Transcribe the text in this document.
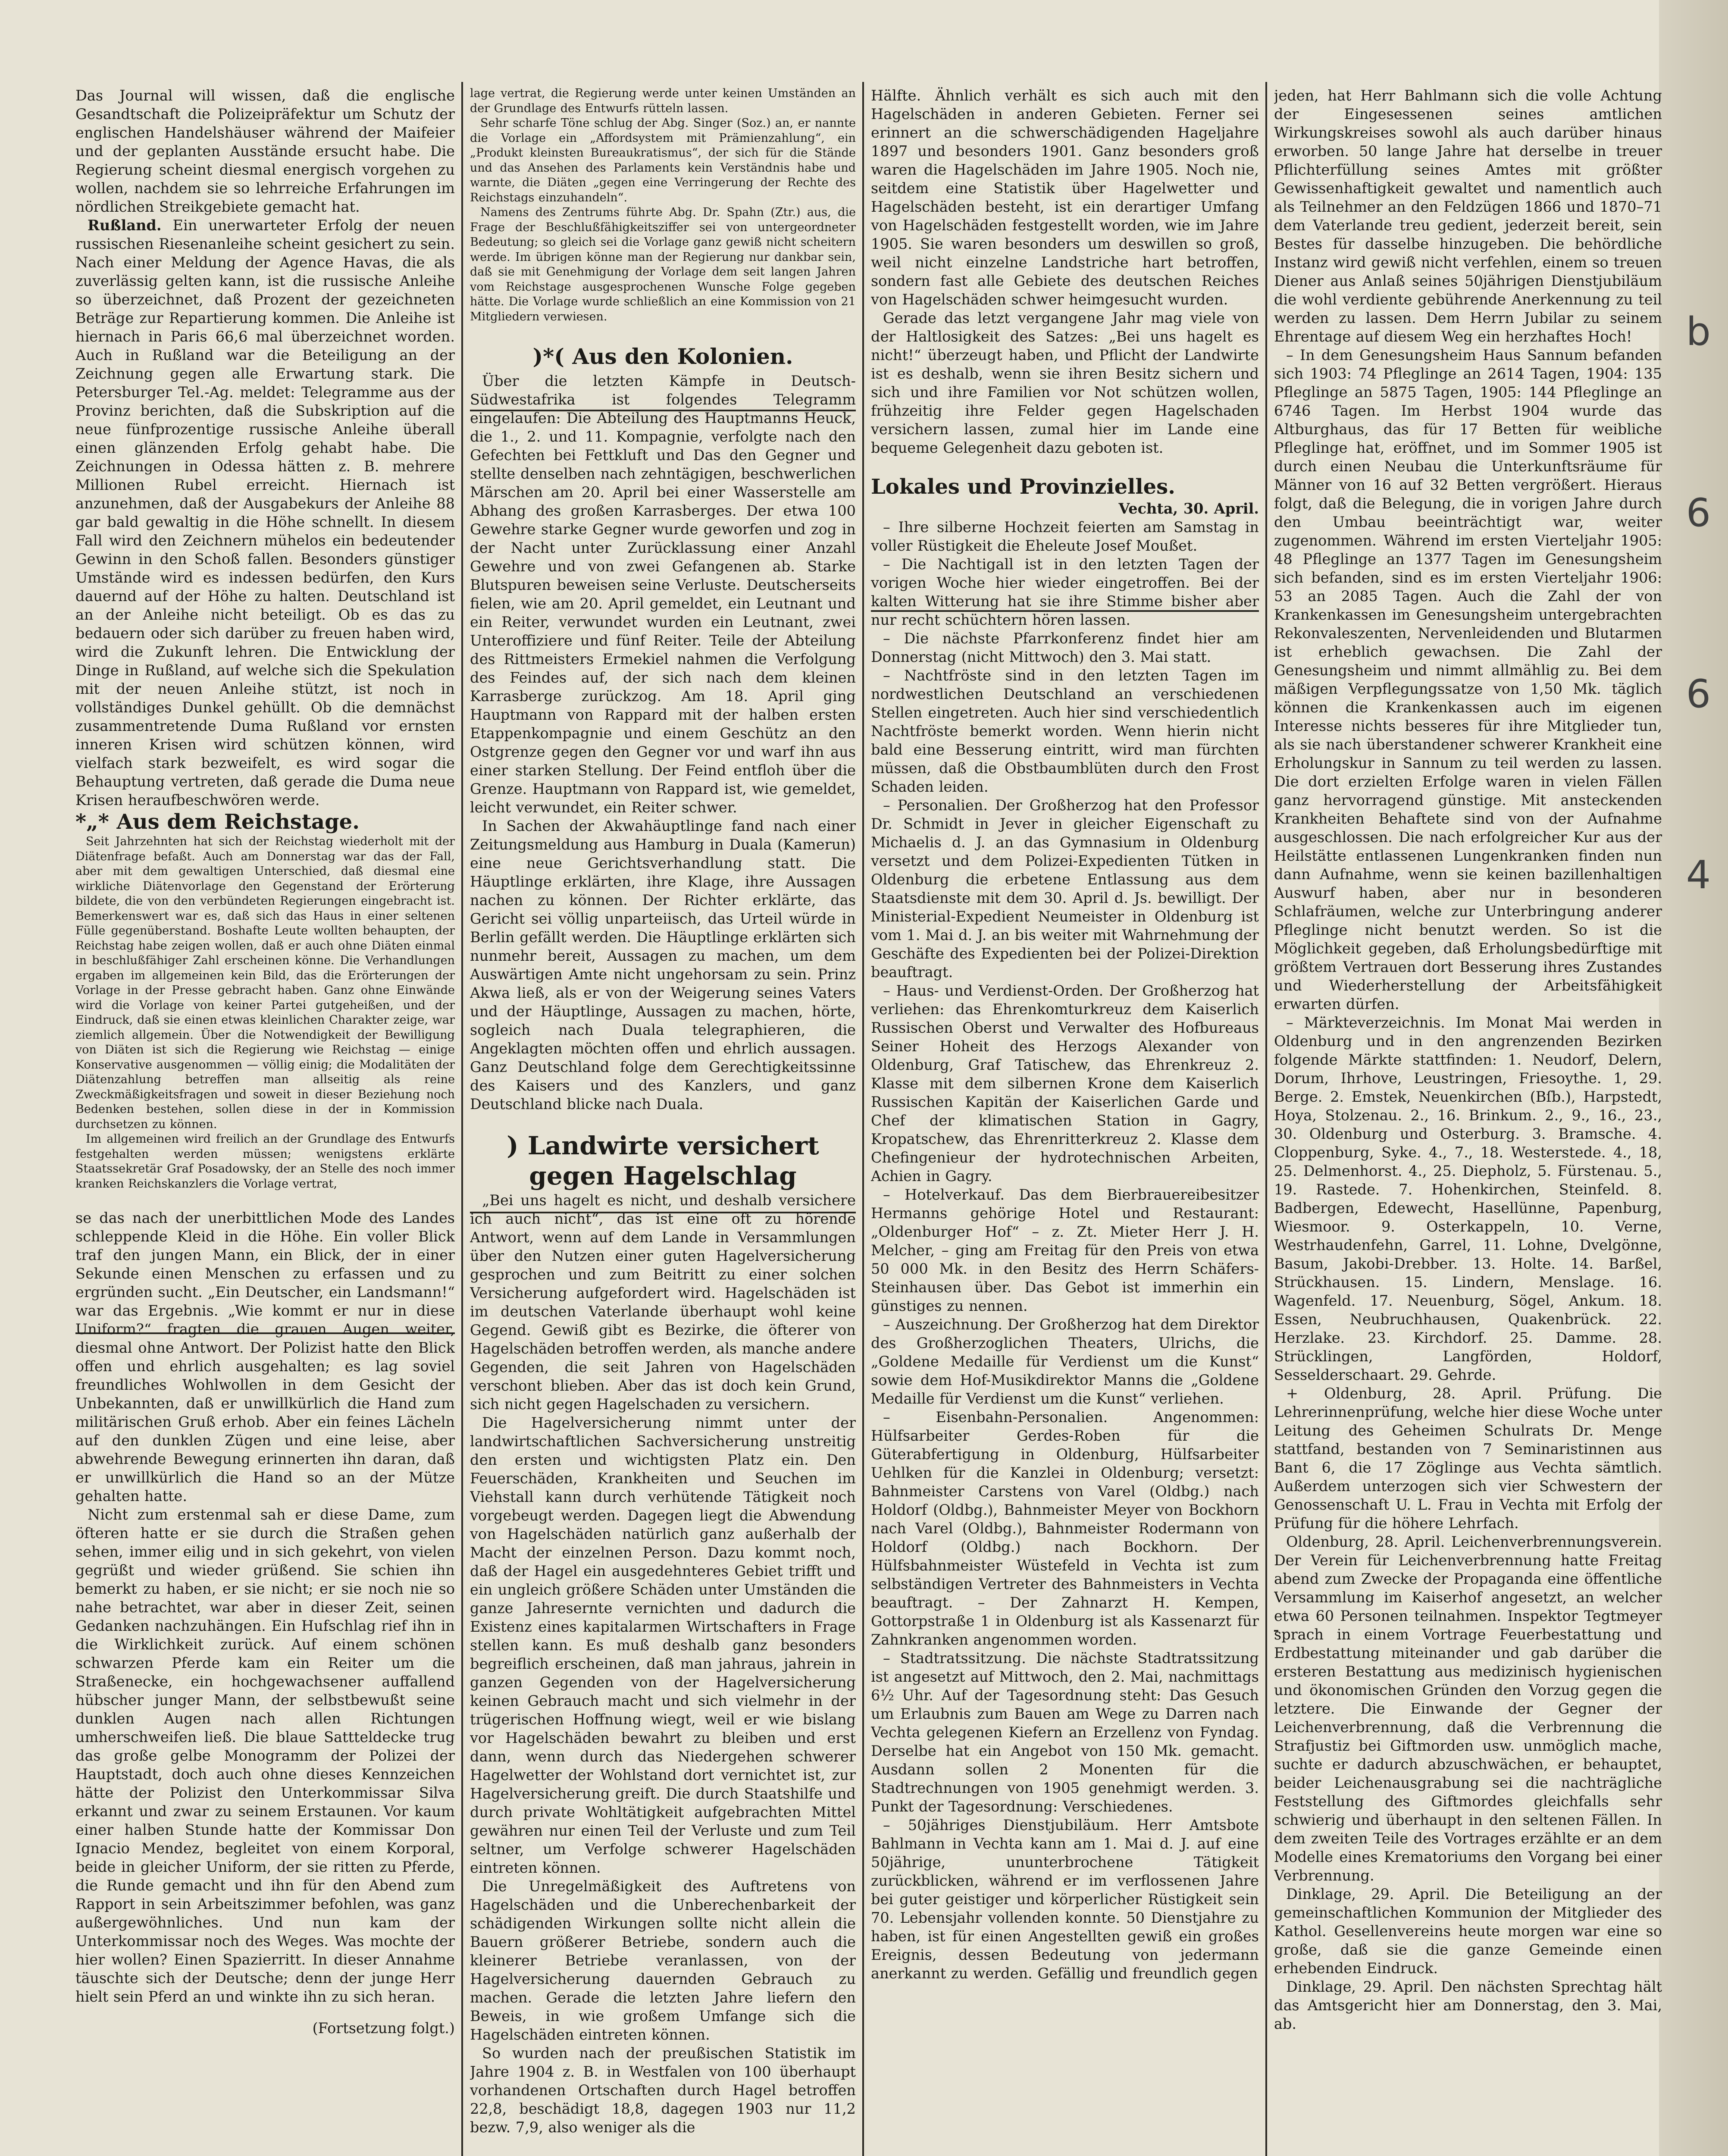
b
6
6
4

Das Journal will wissen, daß die englische Gesandtschaft die Polizeipräfektur um Schutz der englischen Handelshäuser während der Maifeier und der geplanten Ausstände ersucht habe. Die Regierung scheint diesmal energisch vorgehen zu wollen, nachdem sie so lehrreiche Erfahrungen im nördlichen Streikgebiete gemacht hat.

Rußland. Ein unerwarteter Erfolg der neuen russischen Riesenanleihe scheint gesichert zu sein. Nach einer Meldung der Agence Havas, die als zuverlässig gelten kann, ist die russische Anleihe so überzeichnet, daß Prozent der gezeichneten Beträge zur Repartierung kommen. Die Anleihe ist hiernach in Paris 66,6 mal überzeichnet worden. Auch in Rußland war die Beteiligung an der Zeichnung gegen alle Erwartung stark. Die Petersburger Tel.-Ag. meldet: Telegramme aus der Provinz berichten, daß die Subskription auf die neue fünfprozentige russische Anleihe überall einen glänzenden Erfolg gehabt habe. Die Zeichnungen in Odessa hätten z. B. mehrere Millionen Rubel erreicht. Hiernach ist anzunehmen, daß der Ausgabekurs der Anleihe 88 gar bald gewaltig in die Höhe schnellt. In diesem Fall wird den Zeichnern mühelos ein bedeutender Gewinn in den Schoß fallen. Besonders günstiger Umstände wird es indessen bedürfen, den Kurs dauernd auf der Höhe zu halten. Deutschland ist an der Anleihe nicht beteiligt. Ob es das zu bedauern oder sich darüber zu freuen haben wird, wird die Zukunft lehren. Die Entwicklung der Dinge in Rußland, auf welche sich die Spekulation mit der neuen Anleihe stützt, ist noch in vollständiges Dunkel gehüllt. Ob die demnächst zusammentretende Duma Rußland vor ernsten inneren Krisen wird schützen können, wird vielfach stark bezweifelt, es wird sogar die Behauptung vertreten, daß gerade die Duma neue Krisen heraufbeschwören werde.

*„* Aus dem Reichstage.

Seit Jahrzehnten hat sich der Reichstag wiederholt mit der Diätenfrage befaßt. Auch am Donnerstag war das der Fall, aber mit dem gewaltigen Unterschied, daß diesmal eine wirkliche Diätenvorlage den Gegenstand der Erörterung bildete, die von den verbündeten Regierungen eingebracht ist. Bemerkenswert war es, daß sich das Haus in einer seltenen Fülle gegenüberstand. Boshafte Leute wollten behaupten, der Reichstag habe zeigen wollen, daß er auch ohne Diäten einmal in beschlußfähiger Zahl erscheinen könne. Die Verhandlungen ergaben im allgemeinen kein Bild, das die Erörterungen der Vorlage in der Presse gebracht haben. Ganz ohne Einwände wird die Vorlage von keiner Partei gutgeheißen, und der Eindruck, daß sie einen etwas kleinlichen Charakter zeige, war ziemlich allgemein. Über die Notwendigkeit der Bewilligung von Diäten ist sich die Regierung wie Reichstag — einige Konservative ausgenommen — völlig einig; die Modalitäten der Diätenzahlung betreffen man allseitig als reine Zweckmäßigkeitsfragen und soweit in dieser Beziehung noch Bedenken bestehen, sollen diese in der in Kommission durchsetzen zu können.

Im allgemeinen wird freilich an der Grundlage des Entwurfs festgehalten werden müssen; wenigstens erklärte Staatssekretär Graf Posadowsky, der an Stelle des noch immer kranken Reichskanzlers die Vorlage vertrat,

se das nach der unerbittlichen Mode des Landes schleppende Kleid in die Höhe. Ein voller Blick traf den jungen Mann, ein Blick, der in einer Sekunde einen Menschen zu erfassen und zu ergründen sucht. „Ein Deutscher, ein Landsmann!“ war das Ergebnis. „Wie kommt er nur in diese Uniform?“ fragten die grauen Augen weiter, diesmal ohne Antwort. Der Polizist hatte den Blick offen und ehrlich ausgehalten; es lag soviel freundliches Wohlwollen in dem Gesicht der Unbekannten, daß er unwillkürlich die Hand zum militärischen Gruß erhob. Aber ein feines Lächeln auf den dunklen Zügen und eine leise, aber abwehrende Bewegung erinnerten ihn daran, daß er unwillkürlich die Hand so an der Mütze gehalten hatte.

Nicht zum erstenmal sah er diese Dame, zum öfteren hatte er sie durch die Straßen gehen sehen, immer eilig und in sich gekehrt, von vielen gegrüßt und wieder grüßend. Sie schien ihn bemerkt zu haben, er sie nicht; er sie noch nie so nahe betrachtet, war aber in dieser Zeit, seinen Gedanken nachzuhängen. Ein Hufschlag rief ihn in die Wirklichkeit zurück. Auf einem schönen schwarzen Pferde kam ein Reiter um die Straßenecke, ein hochgewachsener auffallend hübscher junger Mann, der selbstbewußt seine dunklen Augen nach allen Richtungen umherschweifen ließ. Die blaue Sattteldecke trug das große gelbe Monogramm der Polizei der Hauptstadt, doch auch ohne dieses Kennzeichen hätte der Polizist den Unterkommissar Silva erkannt und zwar zu seinem Erstaunen. Vor kaum einer halben Stunde hatte der Kommissar Don Ignacio Mendez, begleitet von einem Korporal, beide in gleicher Uniform, der sie ritten zu Pferde, die Runde gemacht und ihn für den Abend zum Rapport in sein Arbeitszimmer befohlen, was ganz außergewöhnliches. Und nun kam der Unterkommissar noch des Weges. Was mochte der hier wollen? Einen Spazierritt. In dieser Annahme täuschte sich der Deutsche; denn der junge Herr hielt sein Pferd an und winkte ihn zu sich heran.

(Fortsetzung folgt.)

lage vertrat, die Regierung werde unter keinen Umständen an der Grundlage des Entwurfs rütteln lassen.

Sehr scharfe Töne schlug der Abg. Singer (Soz.) an, er nannte die Vorlage ein „Affordsystem mit Prämienzahlung“, ein „Produkt kleinsten Bureaukratismus“, der sich für die Stände und das Ansehen des Parlaments kein Verständnis habe und warnte, die Diäten „gegen eine Verringerung der Rechte des Reichstags einzuhandeln“.

Namens des Zentrums führte Abg. Dr. Spahn (Ztr.) aus, die Frage der Beschlußfähigkeitsziffer sei von untergeordneter Bedeutung; so gleich sei die Vorlage ganz gewiß nicht scheitern werde. Im übrigen könne man der Regierung nur dankbar sein, daß sie mit Genehmigung der Vorlage dem seit langen Jahren vom Reichstage ausgesprochenen Wunsche Folge gegeben hätte. Die Vorlage wurde schließlich an eine Kommission von 21 Mitgliedern verwiesen.

)*( Aus den Kolonien.

Über die letzten Kämpfe in Deutsch-Südwestafrika ist folgendes Telegramm eingelaufen: Die Abteilung des Hauptmanns Heuck, die 1., 2. und 11. Kompagnie, verfolgte nach den Gefechten bei Fettkluft und Das den Gegner und stellte denselben nach zehntägigen, beschwerlichen Märschen am 20. April bei einer Wasserstelle am Abhang des großen Karrasberges. Der etwa 100 Gewehre starke Gegner wurde geworfen und zog in der Nacht unter Zurücklassung einer Anzahl Gewehre und von zwei Gefangenen ab. Starke Blutspuren beweisen seine Verluste. Deutscherseits fielen, wie am 20. April gemeldet, ein Leutnant und ein Reiter, verwundet wurden ein Leutnant, zwei Unteroffiziere und fünf Reiter. Teile der Abteilung des Rittmeisters Ermekiel nahmen die Verfolgung des Feindes auf, der sich nach dem kleinen Karrasberge zurückzog. Am 18. April ging Hauptmann von Rappard mit der halben ersten Etappenkompagnie und einem Geschütz an den Ostgrenze gegen den Gegner vor und warf ihn aus einer starken Stellung. Der Feind entfloh über die Grenze. Hauptmann von Rappard ist, wie gemeldet, leicht verwundet, ein Reiter schwer.

In Sachen der Akwahäuptlinge fand nach einer Zeitungsmeldung aus Hamburg in Duala (Kamerun) eine neue Gerichtsverhandlung statt. Die Häuptlinge erklärten, ihre Klage, ihre Aussagen nachen zu können. Der Richter erklärte, das Gericht sei völlig unparteiisch, das Urteil würde in Berlin gefällt werden. Die Häuptlinge erklärten sich nunmehr bereit, Aussagen zu machen, um dem Auswärtigen Amte nicht ungehorsam zu sein. Prinz Akwa ließ, als er von der Weigerung seines Vaters und der Häuptlinge, Aussagen zu machen, hörte, sogleich nach Duala telegraphieren, die Angeklagten möchten offen und ehrlich aussagen. Ganz Deutschland folge dem Gerechtigkeitssinne des Kaisers und des Kanzlers, und ganz Deutschland blicke nach Duala.

) Landwirte versichert gegen Hagelschlag

„Bei uns hagelt es nicht, und deshalb versichere ich auch nicht“, das ist eine oft zu hörende Antwort, wenn auf dem Lande in Versammlungen über den Nutzen einer guten Hagelversicherung gesprochen und zum Beitritt zu einer solchen Versicherung aufgefordert wird. Hagelschäden ist im deutschen Vaterlande überhaupt wohl keine Gegend. Gewiß gibt es Bezirke, die öfterer von Hagelschäden betroffen werden, als manche andere Gegenden, die seit Jahren von Hagelschäden verschont blieben. Aber das ist doch kein Grund, sich nicht gegen Hagelschaden zu versichern.

Die Hagelversicherung nimmt unter der landwirtschaftlichen Sachversicherung unstreitig den ersten und wichtigsten Platz ein. Den Feuerschäden, Krankheiten und Seuchen im Viehstall kann durch verhütende Tätigkeit noch vorgebeugt werden. Dagegen liegt die Abwendung von Hagelschäden natürlich ganz außerhalb der Macht der einzelnen Person. Dazu kommt noch, daß der Hagel ein ausgedehnteres Gebiet trifft und ein ungleich größere Schäden unter Umständen die ganze Jahresernte vernichten und dadurch die Existenz eines kapitalarmen Wirtschafters in Frage stellen kann. Es muß deshalb ganz besonders begreiflich erscheinen, daß man jahraus, jahrein in ganzen Gegenden von der Hagelversicherung keinen Gebrauch macht und sich vielmehr in der trügerischen Hoffnung wiegt, weil er wie bislang vor Hagelschäden bewahrt zu bleiben und erst dann, wenn durch das Niedergehen schwerer Hagelwetter der Wohlstand dort vernichtet ist, zur Hagelversicherung greift. Die durch Staatshilfe und durch private Wohltätigkeit aufgebrachten Mittel gewähren nur einen Teil der Verluste und zum Teil seltner, um Verfolge schwerer Hagelschäden eintreten können.

Die Unregelmäßigkeit des Auftretens von Hagelschäden und die Unberechenbarkeit der schädigenden Wirkungen sollte nicht allein die Bauern größerer Betriebe, sondern auch die kleinerer Betriebe veranlassen, von der Hagelversicherung dauernden Gebrauch zu machen. Gerade die letzten Jahre liefern den Beweis, in wie großem Umfange sich die Hagelschäden eintreten können.

So wurden nach der preußischen Statistik im Jahre 1904 z. B. in Westfalen von 100 überhaupt vorhandenen Ortschaften durch Hagel betroffen 22,8, beschädigt 18,8, dagegen 1903 nur 11,2 bezw. 7,9, also weniger als die

Hälfte. Ähnlich verhält es sich auch mit den Hagelschäden in anderen Gebieten. Ferner sei erinnert an die schwerschädigenden Hageljahre 1897 und besonders 1901. Ganz besonders groß waren die Hagelschäden im Jahre 1905. Noch nie, seitdem eine Statistik über Hagelwetter und Hagelschäden besteht, ist ein derartiger Umfang von Hagelschäden festgestellt worden, wie im Jahre 1905. Sie waren besonders um deswillen so groß, weil nicht einzelne Landstriche hart betroffen, sondern fast alle Gebiete des deutschen Reiches von Hagelschäden schwer heimgesucht wurden.

Gerade das letzt vergangene Jahr mag viele von der Haltlosigkeit des Satzes: „Bei uns hagelt es nicht!“ überzeugt haben, und Pflicht der Landwirte ist es deshalb, wenn sie ihren Besitz sichern und sich und ihre Familien vor Not schützen wollen, frühzeitig ihre Felder gegen Hagelschaden versichern lassen, zumal hier im Lande eine bequeme Gelegenheit dazu geboten ist.

Lokales und Provinzielles.

Vechta, 30. April.

– Ihre silberne Hochzeit feierten am Samstag in voller Rüstigkeit die Eheleute Josef Moußet.

– Die Nachtigall ist in den letzten Tagen der vorigen Woche hier wieder eingetroffen. Bei der kalten Witterung hat sie ihre Stimme bisher aber nur recht schüchtern hören lassen.

– Die nächste Pfarrkonferenz findet hier am Donnerstag (nicht Mittwoch) den 3. Mai statt.

– Nachtfröste sind in den letzten Tagen im nordwestlichen Deutschland an verschiedenen Stellen eingetreten. Auch hier sind verschiedentlich Nachtfröste bemerkt worden. Wenn hierin nicht bald eine Besserung eintritt, wird man fürchten müssen, daß die Obstbaumblüten durch den Frost Schaden leiden.

– Personalien. Der Großherzog hat den Professor Dr. Schmidt in Jever in gleicher Eigenschaft zu Michaelis d. J. an das Gymnasium in Oldenburg versetzt und dem Polizei-Expedienten Tütken in Oldenburg die erbetene Entlassung aus dem Staatsdienste mit dem 30. April d. Js. bewilligt. Der Ministerial-Expedient Neumeister in Oldenburg ist vom 1. Mai d. J. an bis weiter mit Wahrnehmung der Geschäfte des Expedienten bei der Polizei-Direktion beauftragt.

– Haus- und Verdienst-Orden. Der Großherzog hat verliehen: das Ehrenkomturkreuz dem Kaiserlich Russischen Oberst und Verwalter des Hofbureaus Seiner Hoheit des Herzogs Alexander von Oldenburg, Graf Tatischew, das Ehrenkreuz 2. Klasse mit dem silbernen Krone dem Kaiserlich Russischen Kapitän der Kaiserlichen Garde und Chef der klimatischen Station in Gagry, Kropatschew, das Ehrenritterkreuz 2. Klasse dem Chefingenieur der hydrotechnischen Arbeiten, Achien in Gagry.

– Hotelverkauf. Das dem Bierbrauereibesitzer Hermanns gehörige Hotel und Restaurant: „Oldenburger Hof“ – z. Zt. Mieter Herr J. H. Melcher, – ging am Freitag für den Preis von etwa 50 000 Mk. in den Besitz des Herrn Schäfers-Steinhausen über. Das Gebot ist immerhin ein günstiges zu nennen.

– Auszeichnung. Der Großherzog hat dem Direktor des Großherzoglichen Theaters, Ulrichs, die „Goldene Medaille für Verdienst um die Kunst“ sowie dem Hof-Musikdirektor Manns die „Goldene Medaille für Verdienst um die Kunst“ verliehen.

– Eisenbahn-Personalien. Angenommen: Hülfsarbeiter Gerdes-Roben für die Güterabfertigung in Oldenburg, Hülfsarbeiter Uehlken für die Kanzlei in Oldenburg; versetzt: Bahnmeister Carstens von Varel (Oldbg.) nach Holdorf (Oldbg.), Bahnmeister Meyer von Bockhorn nach Varel (Oldbg.), Bahnmeister Rodermann von Holdorf (Oldbg.) nach Bockhorn. Der Hülfsbahnmeister Wüstefeld in Vechta ist zum selbständigen Vertreter des Bahnmeisters in Vechta beauftragt. – Der Zahnarzt H. Kempen, Gottorpstraße 1 in Oldenburg ist als Kassenarzt für Zahnkranken angenommen worden.

– Stadtratssitzung. Die nächste Stadtratssitzung ist angesetzt auf Mittwoch, den 2. Mai, nachmittags 6½ Uhr. Auf der Tagesordnung steht: Das Gesuch um Erlaubnis zum Bauen am Wege zu Darren nach Vechta gelegenen Kiefern an Erzellenz von Fyndag. Derselbe hat ein Angebot von 150 Mk. gemacht. Ausdann sollen 2 Monenten für die Stadtrechnungen von 1905 genehmigt werden. 3. Punkt der Tagesordnung: Verschiedenes.

– 50jähriges Dienstjubiläum. Herr Amtsbote Bahlmann in Vechta kann am 1. Mai d. J. auf eine 50jährige, ununterbrochene Tätigkeit zurückblicken, während er im verflossenen Jahre bei guter geistiger und körperlicher Rüstigkeit sein 70. Lebensjahr vollenden konnte. 50 Dienstjahre zu haben, ist für einen Angestellten gewiß ein großes Ereignis, dessen Bedeutung von jedermann anerkannt zu werden. Gefällig und freundlich gegen

jeden, hat Herr Bahlmann sich die volle Achtung der Eingesessenen seines amtlichen Wirkungskreises sowohl als auch darüber hinaus erworben. 50 lange Jahre hat derselbe in treuer Pflichterfüllung seines Amtes mit größter Gewissenhaftigkeit gewaltet und namentlich auch als Teilnehmer an den Feldzügen 1866 und 1870–71 dem Vaterlande treu gedient, jederzeit bereit, sein Bestes für dasselbe hinzugeben. Die behördliche Instanz wird gewiß nicht verfehlen, einem so treuen Diener aus Anlaß seines 50jährigen Dienstjubiläum die wohl verdiente gebührende Anerkennung zu teil werden zu lassen. Dem Herrn Jubilar zu seinem Ehrentage auf diesem Weg ein herzhaftes Hoch!

– In dem Genesungsheim Haus Sannum befanden sich 1903: 74 Pfleglinge an 2614 Tagen, 1904: 135 Pfleglinge an 5875 Tagen, 1905: 144 Pfleglinge an 6746 Tagen. Im Herbst 1904 wurde das Altburghaus, das für 17 Betten für weibliche Pfleglinge hat, eröffnet, und im Sommer 1905 ist durch einen Neubau die Unterkunftsräume für Männer von 16 auf 32 Betten vergrößert. Hieraus folgt, daß die Belegung, die in vorigen Jahre durch den Umbau beeinträchtigt war, weiter zugenommen. Während im ersten Vierteljahr 1905: 48 Pfleglinge an 1377 Tagen im Genesungsheim sich befanden, sind es im ersten Vierteljahr 1906: 53 an 2085 Tagen. Auch die Zahl der von Krankenkassen im Genesungsheim untergebrachten Rekonvaleszenten, Nervenleidenden und Blutarmen ist erheblich gewachsen. Die Zahl der Genesungsheim und nimmt allmählig zu. Bei dem mäßigen Verpflegungssatze von 1,50 Mk. täglich können die Krankenkassen auch im eigenen Interesse nichts besseres für ihre Mitglieder tun, als sie nach überstandener schwerer Krankheit eine Erholungskur in Sannum zu teil werden zu lassen. Die dort erzielten Erfolge waren in vielen Fällen ganz hervorragend günstige. Mit ansteckenden Krankheiten Behaftete sind von der Aufnahme ausgeschlossen. Die nach erfolgreicher Kur aus der Heilstätte entlassenen Lungenkranken finden nun dann Aufnahme, wenn sie keinen bazillenhaltigen Auswurf haben, aber nur in besonderen Schlafräumen, welche zur Unterbringung anderer Pfleglinge nicht benutzt werden. So ist die Möglichkeit gegeben, daß Erholungsbedürftige mit größtem Vertrauen dort Besserung ihres Zustandes und Wiederherstellung der Arbeitsfähigkeit erwarten dürfen.

– Märkteverzeichnis. Im Monat Mai werden in Oldenburg und in den angrenzenden Bezirken folgende Märkte stattfinden: 1. Neudorf, Delern, Dorum, Ihrhove, Leustringen, Friesoythe. 1, 29. Berge. 2. Emstek, Neuenkirchen (Bſb.), Harpstedt, Hoya, Stolzenau. 2., 16. Brinkum. 2., 9., 16., 23., 30. Oldenburg und Osterburg. 3. Bramsche. 4. Cloppenburg, Syke. 4., 7., 18. Westerstede. 4., 18, 25. Delmenhorst. 4., 25. Diepholz, 5. Fürstenau. 5., 19. Rastede. 7. Hohenkirchen, Steinfeld. 8. Badbergen, Edewecht, Hasellünne, Papenburg, Wiesmoor. 9. Osterkappeln, 10. Verne, Westrhaudenfehn, Garrel, 11. Lohne, Dvelgönne, Basum, Jakobi-Drebber. 13. Holte. 14. Barßel, Strückhausen. 15. Lindern, Menslage. 16. Wagenfeld. 17. Neuenburg, Sögel, Ankum. 18. Essen, Neubruchhausen, Quakenbrück. 22. Herzlake. 23. Kirchdorf. 25. Damme. 28. Strücklingen, Langförden, Holdorf, Sesselderschaart. 29. Gehrde.

+ Oldenburg, 28. April. Prüfung. Die Lehrerinnenprüfung, welche hier diese Woche unter Leitung des Geheimen Schulrats Dr. Menge stattfand, bestanden von 7 Seminaristinnen aus Bant 6, die 17 Zöglinge aus Vechta sämtlich. Außerdem unterzogen sich vier Schwestern der Genossenschaft U. L. Frau in Vechta mit Erfolg der Prüfung für die höhere Lehrfach.

Oldenburg, 28. April. Leichenverbrennungsverein. Der Verein für Leichenverbrennung hatte Freitag abend zum Zwecke der Propaganda eine öffentliche Versammlung im Kaiserhof angesetzt, an welcher etwa 60 Personen teilnahmen. Inspektor Tegtmeyer sprach in einem Vortrage Feuerbestattung und Erdbestattung miteinander und gab darüber die ersteren Bestattung aus medizinisch hygienischen und ökonomischen Gründen den Vorzug gegen die letztere. Die Einwande der Gegner der Leichenverbrennung, daß die Verbrennung die Strafjustiz bei Giftmorden usw. unmöglich mache, suchte er dadurch abzuschwächen, er behauptet, beider Leichenausgrabung sei die nachträgliche Feststellung des Giftmordes gleichfalls sehr schwierig und überhaupt in den seltenen Fällen. In dem zweiten Teile des Vortrages erzählte er an dem Modelle eines Krematoriums den Vorgang bei einer Verbrennung.

Dinklage, 29. April. Die Beteiligung an der gemeinschaftlichen Kommunion der Mitglieder des Kathol. Gesellenvereins heute morgen war eine so große, daß sie die ganze Gemeinde einen erhebenden Eindruck.

Dinklage, 29. April. Den nächsten Sprechtag hält das Amtsgericht hier am Donnerstag, den 3. Mai, ab.
